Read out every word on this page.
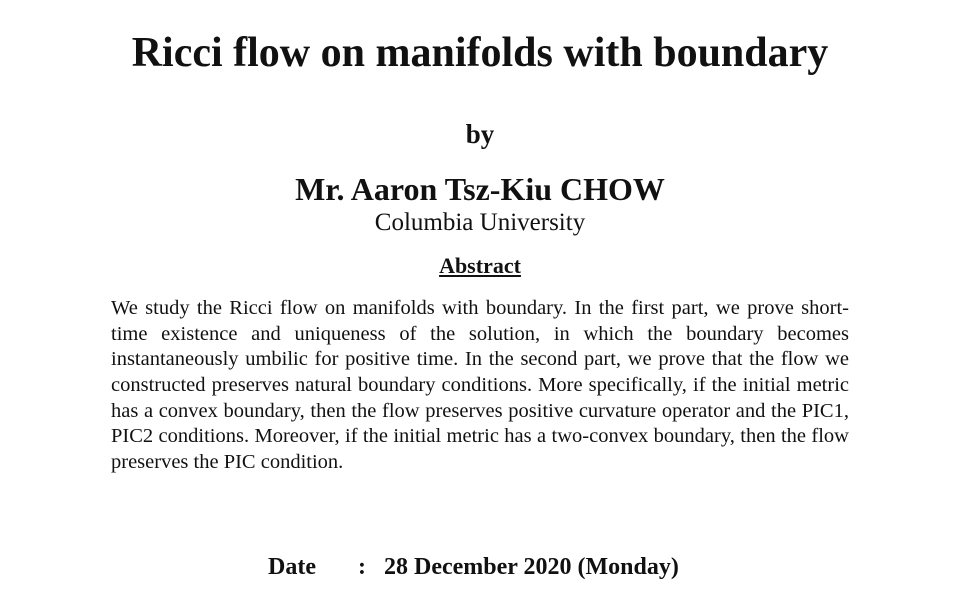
Ricci flow on manifolds with boundary
by
Mr. Aaron Tsz-Kiu CHOW
Columbia University
Abstract

We study the Ricci flow on manifolds with boundary. In the first part, we prove short-time existence and uniqueness of the solution, in which the boundary becomes instantaneously umbilic for positive time. In the second part, we prove that the flow we constructed preserves natural boundary conditions. More specifically, if the initial metric has a convex boundary, then the flow preserves positive curvature operator and the PIC1, PIC2 conditions. Moreover, if the initial metric has a two-convex boundary, then the flow preserves the PIC condition.

Date	: 28 December 2020 (Monday)
